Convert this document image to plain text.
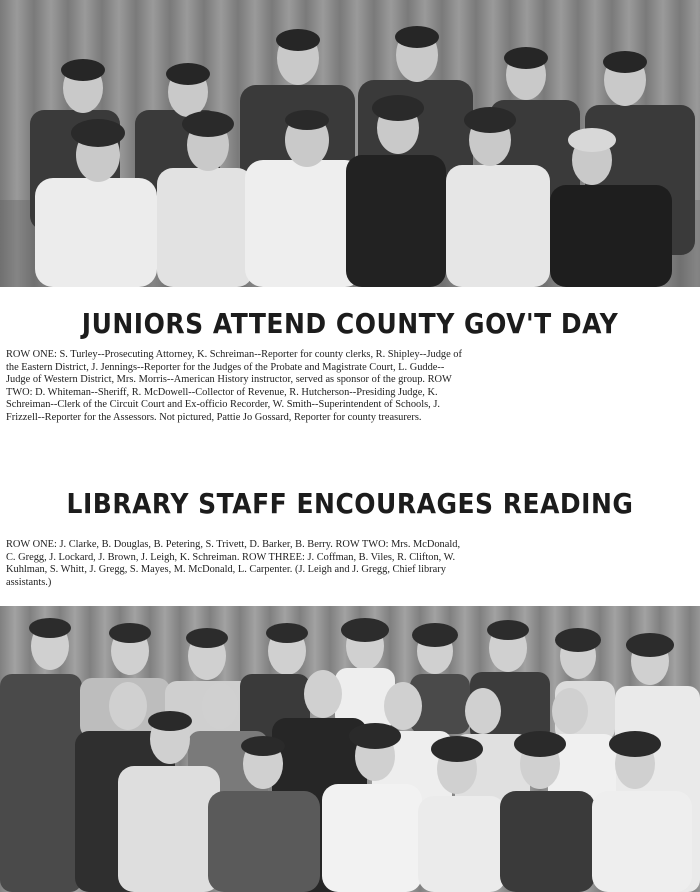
JUNIORS ATTEND COUNTY GOV'T DAY
ROW ONE: S. Turley--Prosecuting Attorney, K. Schreiman--Reporter for county clerks, R. Shipley--Judge of
the Eastern District, J. Jennings--Reporter for the Judges of the Probate and Magistrate Court, L. Gudde--
Judge of Western District, Mrs. Morris--American History instructor, served as sponsor of the group. ROW
TWO: D. Whiteman--Sheriff, R. McDowell--Collector of Revenue, R. Hutcherson--Presiding Judge, K.
Schreiman--Clerk of the Circuit Court and Ex-officio Recorder, W. Smith--Superintendent of Schools, J.
Frizzell--Reporter for the Assessors. Not pictured, Pattie Jo Gossard, Reporter for county treasurers.
LIBRARY STAFF ENCOURAGES READING
ROW ONE: J. Clarke, B. Douglas, B. Petering, S. Trivett, D. Barker, B. Berry. ROW TWO: Mrs. McDonald,
C. Gregg, J. Lockard, J. Brown, J. Leigh, K. Schreiman. ROW THREE: J. Coffman, B. Viles, R. Clifton, W.
Kuhlman, S. Whitt, J. Gregg, S. Mayes, M. McDonald, L. Carpenter. (J. Leigh and J. Gregg, Chief library
assistants.)
